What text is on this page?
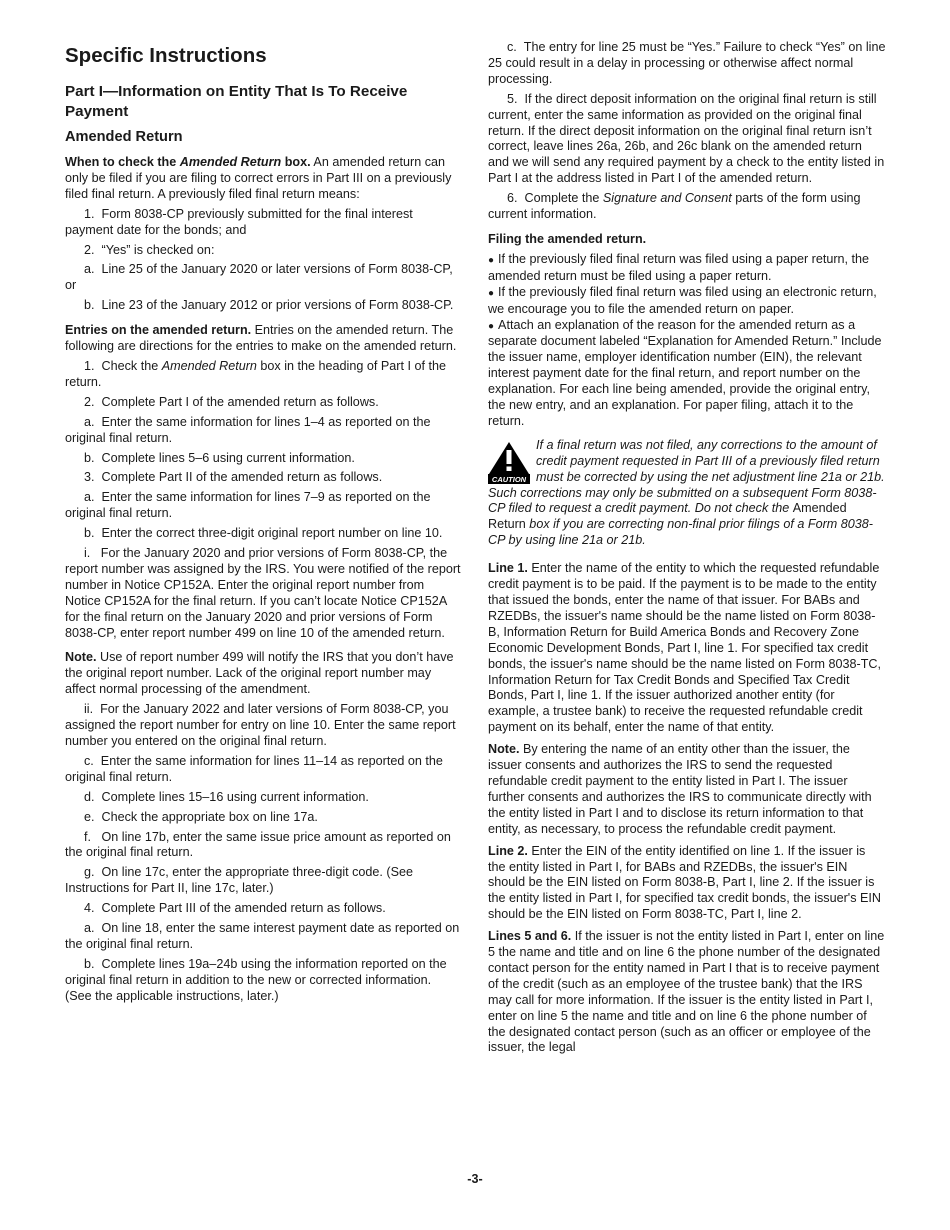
Specific Instructions
Part I—Information on Entity That Is To Receive Payment
Amended Return

When to check the Amended Return box. An amended return can only be filed if you are filing to correct errors in Part III on a previously filed final return. A previously filed final return means:

1.  Form 8038-CP previously submitted for the final interest payment date for the bonds; and

2.  “Yes” is checked on:

a.  Line 25 of the January 2020 or later versions of Form 8038-CP, or

b.  Line 23 of the January 2012 or prior versions of Form 8038-CP.

Entries on the amended return. Entries on the amended return. The following are directions for the entries to make on the amended return.

1.  Check the Amended Return box in the heading of Part I of the return.

2.  Complete Part I of the amended return as follows.

a.  Enter the same information for lines 1–4 as reported on the original final return.

b.  Complete lines 5–6 using current information.

3.  Complete Part II of the amended return as follows.

a.  Enter the same information for lines 7–9 as reported on the original final return.

b.  Enter the correct three-digit original report number on line 10.

i.   For the January 2020 and prior versions of Form 8038-CP, the report number was assigned by the IRS. You were notified of the report number in Notice CP152A. Enter the original report number from Notice CP152A for the final return. If you can’t locate Notice CP152A for the final return on the January 2020 and prior versions of Form 8038-CP, enter report number 499 on line 10 of the amended return.

Note. Use of report number 499 will notify the IRS that you don’t have the original report number. Lack of the original report number may affect normal processing of the amendment.

ii.  For the January 2022 and later versions of Form 8038-CP, you assigned the report number for entry on line 10. Enter the same report number you entered on the original final return.

c.  Enter the same information for lines 11–14 as reported on the original final return.

d.  Complete lines 15–16 using current information.

e.  Check the appropriate box on line 17a.

f.   On line 17b, enter the same issue price amount as reported on the original final return.

g.  On line 17c, enter the appropriate three-digit code. (See Instructions for Part II, line 17c, later.)

4.  Complete Part III of the amended return as follows.

a.  On line 18, enter the same interest payment date as reported on the original final return.

b.  Complete lines 19a–24b using the information reported on the original final return in addition to the new or corrected information. (See the applicable instructions, later.)

c.  The entry for line 25 must be “Yes.” Failure to check “Yes” on line 25 could result in a delay in processing or otherwise affect normal processing.

5.  If the direct deposit information on the original final return is still current, enter the same information as provided on the original final return. If the direct deposit information on the original final return isn’t correct, leave lines 26a, 26b, and 26c blank on the amended return and we will send any required payment by a check to the entity listed in Part I at the address listed in Part I of the amended return.

6.  Complete the Signature and Consent parts of the form using current information.

Filing the amended return.

● If the previously filed final return was filed using a paper return, the amended return must be filed using a paper return.

● If the previously filed final return was filed using an electronic return, we encourage you to file the amended return on paper.

● Attach an explanation of the reason for the amended return as a separate document labeled “Explanation for Amended Return.” Include the issuer name, employer identification number (EIN), the relevant interest payment date for the final return, and report number on the explanation. For each line being amended, provide the original entry, the new entry, and an explanation. For paper filing, attach it to the return.

CAUTION
If a final return was not filed, any corrections to the amount of credit payment requested in Part III of a previously filed return must be corrected by using the net adjustment line 21a or 21b. Such corrections may only be submitted on a subsequent Form 8038-CP filed to request a credit payment. Do not check the Amended Return box if you are correcting non-final prior filings of a Form 8038-CP by using line 21a or 21b.

Line 1. Enter the name of the entity to which the requested refundable credit payment is to be paid. If the payment is to be made to the entity that issued the bonds, enter the name of that issuer. For BABs and RZEDBs, the issuer's name should be the name listed on Form 8038-B, Information Return for Build America Bonds and Recovery Zone Economic Development Bonds, Part I, line 1. For specified tax credit bonds, the issuer's name should be the name listed on Form 8038-TC, Information Return for Tax Credit Bonds and Specified Tax Credit Bonds, Part I, line 1. If the issuer authorized another entity (for example, a trustee bank) to receive the requested refundable credit payment on its behalf, enter the name of that entity.

Note. By entering the name of an entity other than the issuer, the issuer consents and authorizes the IRS to send the requested refundable credit payment to the entity listed in Part I. The issuer further consents and authorizes the IRS to communicate directly with the entity listed in Part I and to disclose its return information to that entity, as necessary, to process the refundable credit payment.

Line 2. Enter the EIN of the entity identified on line 1. If the issuer is the entity listed in Part I, for BABs and RZEDBs, the issuer's EIN should be the EIN listed on Form 8038-B, Part I, line 2. If the issuer is the entity listed in Part I, for specified tax credit bonds, the issuer's EIN should be the EIN listed on Form 8038-TC, Part I, line 2.

Lines 5 and 6. If the issuer is not the entity listed in Part I, enter on line 5 the name and title and on line 6 the phone number of the designated contact person for the entity named in Part I that is to receive payment of the credit (such as an employee of the trustee bank) that the IRS may call for more information. If the issuer is the entity listed in Part I, enter on line 5 the name and title and on line 6 the phone number of the designated contact person (such as an officer or employee of the issuer, the legal

-3-
